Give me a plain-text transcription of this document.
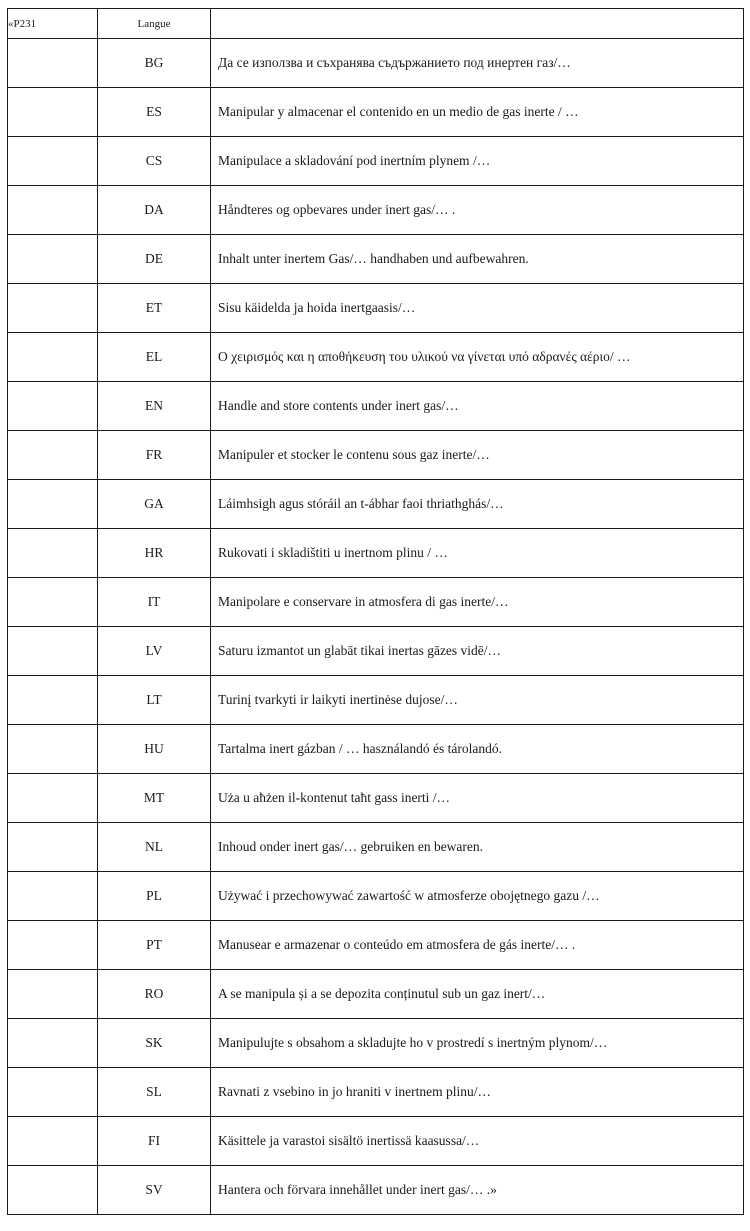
«P231	Langue	
	BG	Да се използва и съхранява съдържанието под инертен газ/…
	ES	Manipular y almacenar el contenido en un medio de gas inerte / …
	CS	Manipulace a skladování pod inertním plynem /…
	DA	Håndteres og opbevares under inert gas/… .
	DE	Inhalt unter inertem Gas/… handhaben und aufbewahren.
	ET	Sisu käidelda ja hoida inertgaasis/…
	EL	Ο χειρισμός και η αποθήκευση του υλικού να γίνεται υπό αδρανές αέριο/ …
	EN	Handle and store contents under inert gas/…
	FR	Manipuler et stocker le contenu sous gaz inerte/…
	GA	Láimhsigh agus stóráil an t-ábhar faoi thriathghás/…
	HR	Rukovati i skladištiti u inertnom plinu / …
	IT	Manipolare e conservare in atmosfera di gas inerte/…
	LV	Saturu izmantot un glabāt tikai inertas gāzes vidē/…
	LT	Turinį tvarkyti ir laikyti inertinėse dujose/…
	HU	Tartalma inert gázban / … használandó és tárolandó.
	MT	Uża u aħżen il-kontenut taħt gass inerti /…
	NL	Inhoud onder inert gas/… gebruiken en bewaren.
	PL	Używać i przechowywać zawartość w atmosferze obojętnego gazu /…
	PT	Manusear e armazenar o conteúdo em atmosfera de gás inerte/… .
	RO	A se manipula și a se depozita conținutul sub un gaz inert/…
	SK	Manipulujte s obsahom a skladujte ho v prostredí s inertným plynom/…
	SL	Ravnati z vsebino in jo hraniti v inertnem plinu/…
	FI	Käsittele ja varastoi sisältö inertissä kaasussa/…
	SV	Hantera och förvara innehållet under inert gas/… .»
